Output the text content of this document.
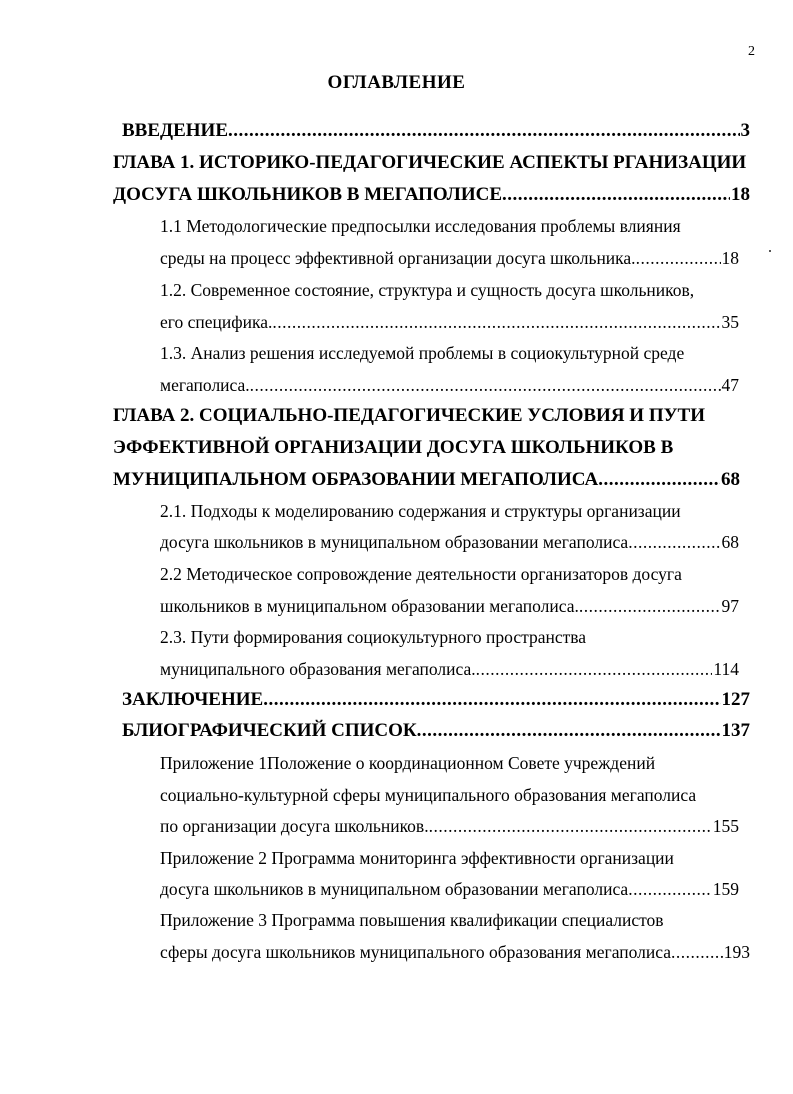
2
ОГЛАВЛЕНИЕ
ВВЕДЕНИЕ .....	3
ГЛАВА 1. ИСТОРИКО-ПЕДАГОГИЧЕСКИЕ АСПЕКТЫ РГАНИЗАЦИИ
ДОСУГА ШКОЛЬНИКОВ В МЕГАПОЛИСЕ .....	18
1.1 Методологические предпосылки исследования проблемы влияния
среды на процесс эффективной организации досуга школьника. .....	18
1.2. Современное состояние, структура и сущность досуга школьников,
его специфика. .....	35
1.3. Анализ решения исследуемой проблемы в социокультурной среде
мегаполиса. .....	47
ГЛАВА 2. СОЦИАЛЬНО-ПЕДАГОГИЧЕСКИЕ УСЛОВИЯ И ПУТИ
ЭФФЕКТИВНОЙ ОРГАНИЗАЦИИ ДОСУГА ШКОЛЬНИКОВ В
МУНИЦИПАЛЬНОМ ОБРАЗОВАНИИ МЕГАПОЛИСА .....	68
2.1. Подходы к моделированию содержания и структуры организации
досуга школьников в муниципальном образовании мегаполиса .....	68
2.2 Методическое сопровождение деятельности организаторов досуга
школьников в муниципальном образовании мегаполиса. .....	97
2.3. Пути формирования социокультурного пространства
муниципального образования мегаполиса. .....	114
ЗАКЛЮЧЕНИЕ .....	127
БЛИОГРАФИЧЕСКИЙ СПИСОК .....	137
Приложение 1Положение о координационном Совете учреждений
социально-культурной сферы муниципального образования мегаполиса
по организации досуга школьников. .....	155
Приложение 2 Программа мониторинга эффективности организации
досуга школьников в муниципальном образовании мегаполиса .....	159
Приложение 3 Программа повышения квалификации специалистов
сферы досуга школьников муниципального образования мегаполиса .....	193
